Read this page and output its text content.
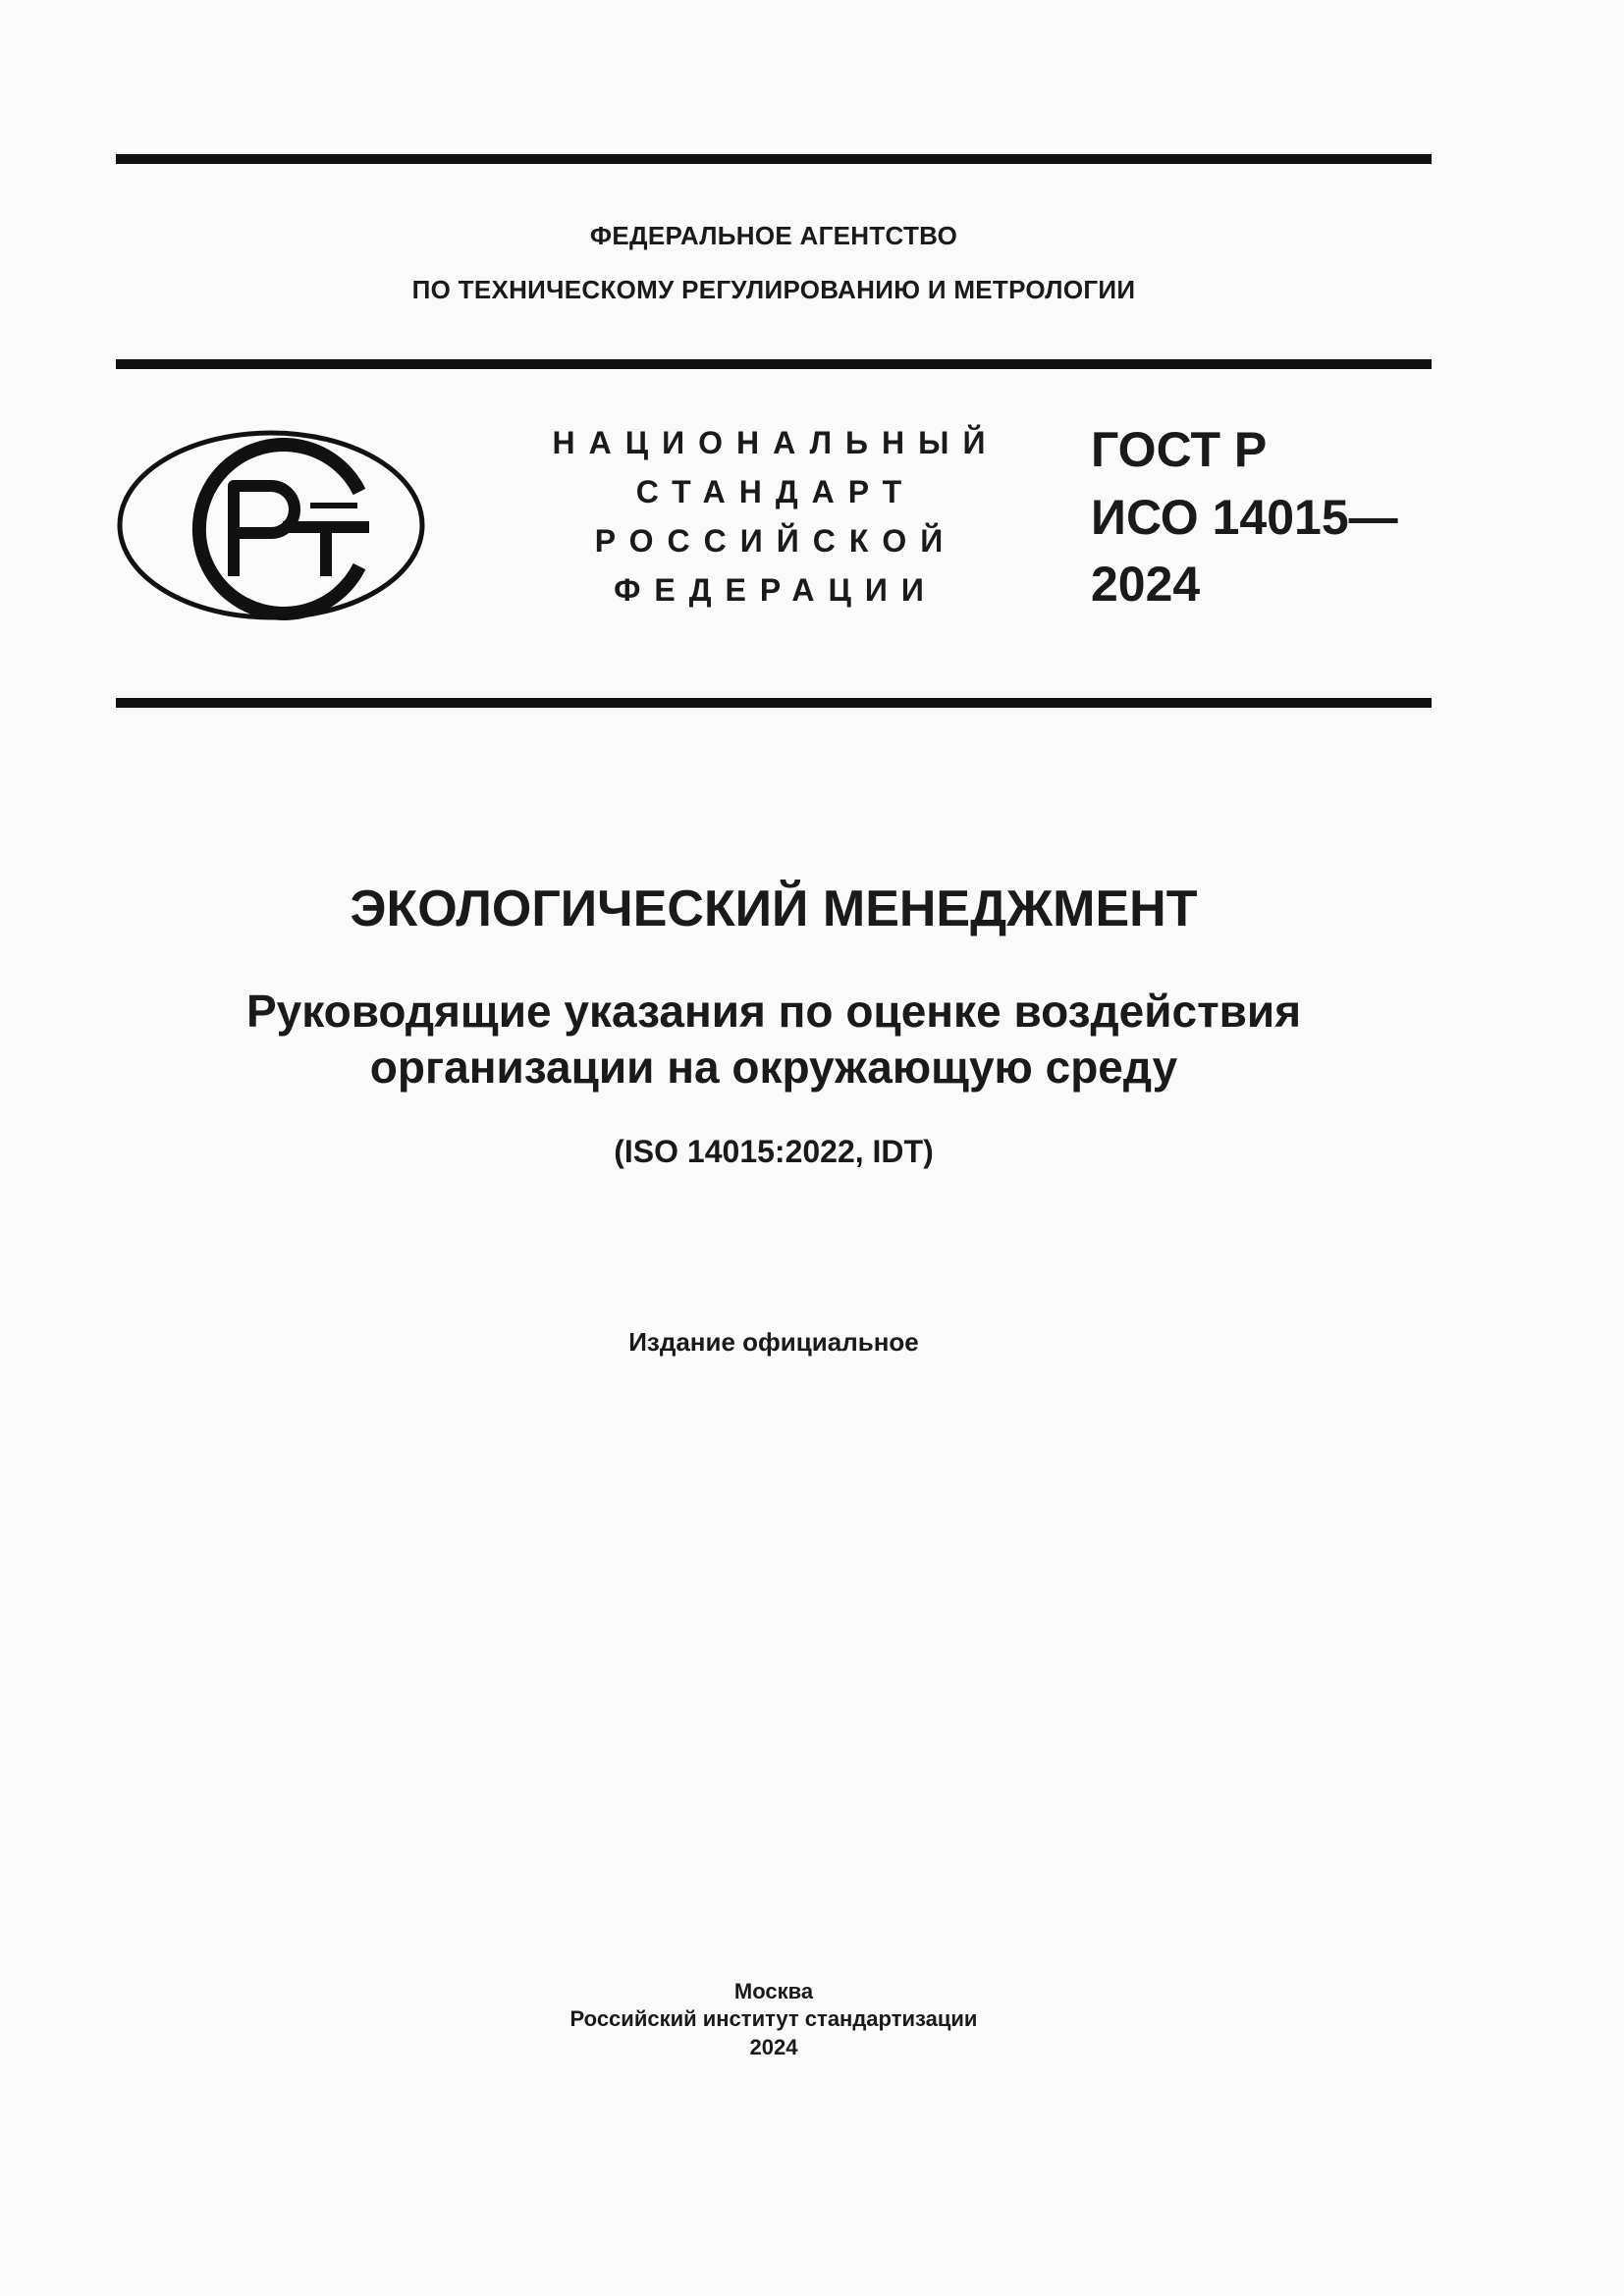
ФЕДЕРАЛЬНОЕ АГЕНТСТВО
ПО ТЕХНИЧЕСКОМУ РЕГУЛИРОВАНИЮ И МЕТРОЛОГИИ
НАЦИОНАЛЬНЫЙ
СТАНДАРТ
РОССИЙСКОЙ
ФЕДЕРАЦИИ
ГОСТ Р
ИСО 14015—
2024
ЭКОЛОГИЧЕСКИЙ МЕНЕДЖМЕНТ
Руководящие указания по оценке воздействия
организации на окружающую среду
(ISO 14015:2022, IDT)
Издание официальное
Москва
Российский институт стандартизации
2024
